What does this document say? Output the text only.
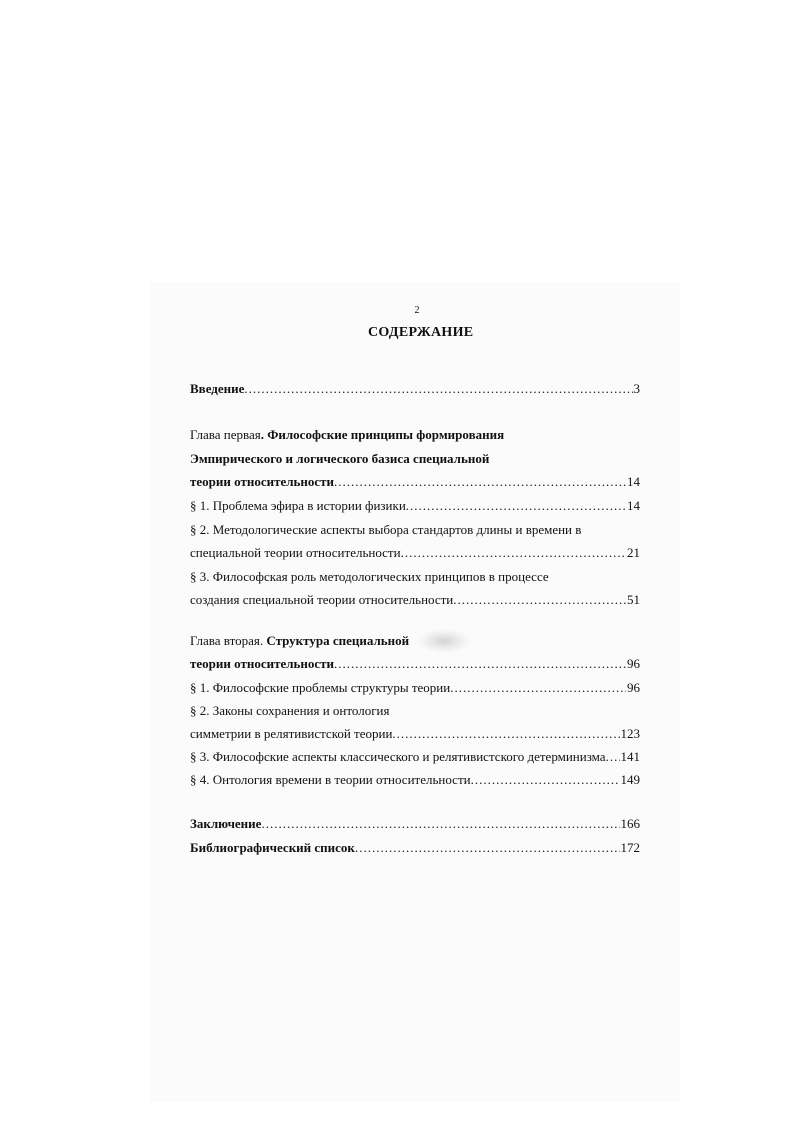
2
СОДЕРЖАНИЕ
Введение .....	3
Глава первая. Философские принципы формирования
Эмпирического и логического базиса специальной
теории относительности .....	14
§ 1. Проблема эфира в истории физики .....	14
§ 2. Методологические аспекты выбора стандартов длины и времени в
специальной теории относительности .....	21
§ 3. Философская роль методологических принципов в процессе
создания специальной теории относительности .....	51
Глава вторая. Структура специальной
теории относительности .....	96
§ 1. Философские проблемы структуры теории .....	96
§ 2. Законы сохранения и онтология
симметрии в релятивистской теории .....	123
§ 3. Философские аспекты классического и релятивистского детерминизма ..... 141
§ 4. Онтология времени в теории относительности .....	149
Заключение .....	166
Библиографический список .....	172
